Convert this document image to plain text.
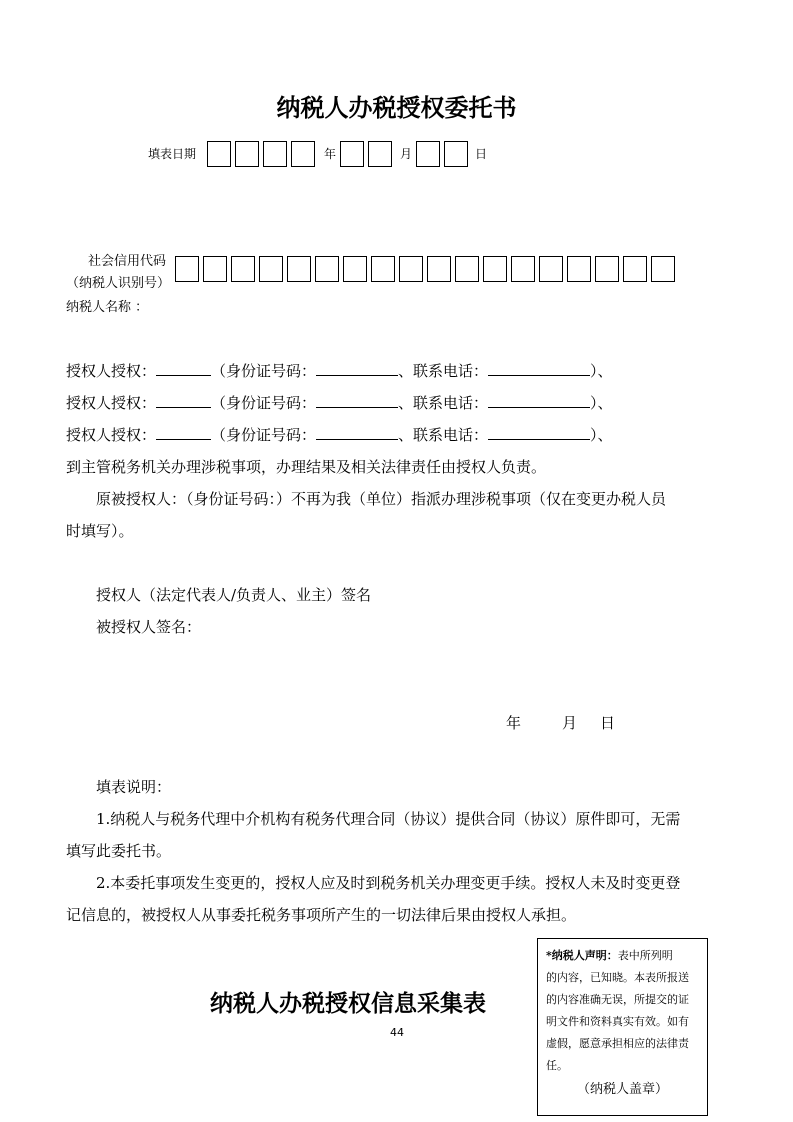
纳税人办税授权委托书
填表日期	年	月	日
社会信用代码
（纳税人识别号）
纳税人名称 ：
授权人授权：	（身份证号码：	、联系电话：	）、
授权人授权：	（身份证号码：	、联系电话：	）、
授权人授权：	（身份证号码：	、联系电话：	）、
到主管税务机关办理涉税事项，办理结果及相关法律责任由授权人负责。
原被授权人：（身份证号码：）不再为我（单位）指派办理涉税事项（仅在变更办税人员
时填写）。
授权人（法定代表人/负责人、业主）签名
被授权人签名：
年	月 日
填表说明：
1.纳税人与税务代理中介机构有税务代理合同（协议）提供合同（协议）原件即可，无需
填写此委托书。
2.本委托事项发生变更的，授权人应及时到税务机关办理变更手续。授权人未及时变更登
记信息的，被授权人从事委托税务事项所产生的一切法律后果由授权人承担。
纳税人办税授权信息采集表
44
*纳税人声明：表中所列明
的内容，已知晓。本表所报送
的内容准确无误，所提交的证
明文件和资料真实有效。如有
虚假，愿意承担相应的法律责
任。
（纳税人盖章）
